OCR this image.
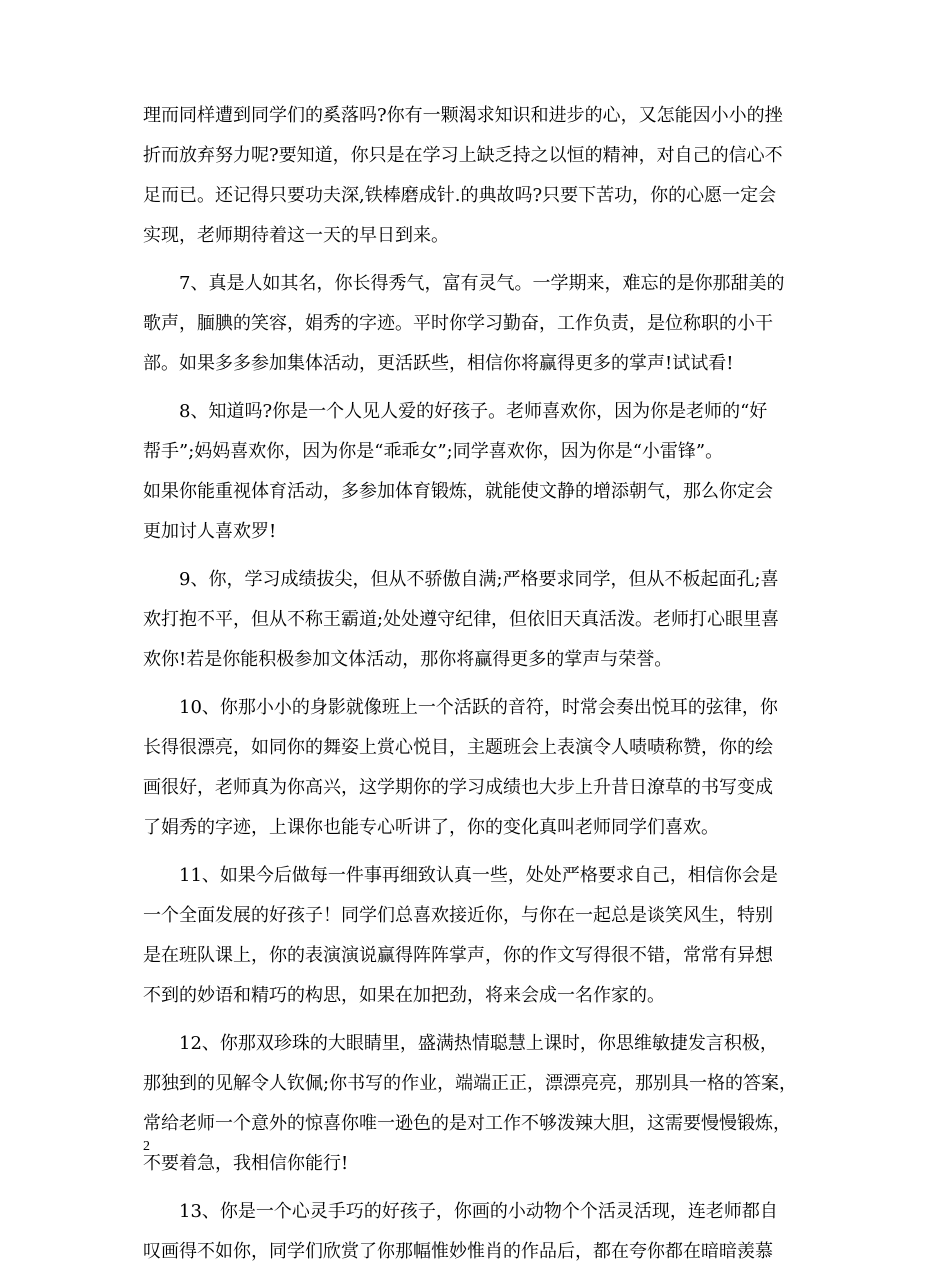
理而同样遭到同学们的奚落吗?你有一颗渴求知识和进步的心，又怎能因小小的挫
折而放弃努力呢?要知道，你只是在学习上缺乏持之以恒的精神，对自己的信心不
足而已。还记得只要功夫深,铁棒磨成针.的典故吗?只要下苦功，你的心愿一定会
实现，老师期待着这一天的早日到来。
7、真是人如其名，你长得秀气，富有灵气。一学期来，难忘的是你那甜美的
歌声，腼腆的笑容，娟秀的字迹。平时你学习勤奋，工作负责，是位称职的小干
部。如果多多参加集体活动，更活跃些，相信你将赢得更多的掌声!试试看!
8、知道吗?你是一个人见人爱的好孩子。老师喜欢你，因为你是老师的“好
帮手”;妈妈喜欢你，因为你是“乖乖女”;同学喜欢你，因为你是“小雷锋”。
如果你能重视体育活动，多参加体育锻炼，就能使文静的增添朝气，那么你定会
更加讨人喜欢罗!
9、你，学习成绩拔尖，但从不骄傲自满;严格要求同学，但从不板起面孔;喜
欢打抱不平，但从不称王霸道;处处遵守纪律，但依旧天真活泼。老师打心眼里喜
欢你!若是你能积极参加文体活动，那你将赢得更多的掌声与荣誉。
10、你那小小的身影就像班上一个活跃的音符，时常会奏出悦耳的弦律，你
长得很漂亮，如同你的舞姿上赏心悦目，主题班会上表演令人啧啧称赞，你的绘
画很好，老师真为你高兴，这学期你的学习成绩也大步上升昔日潦草的书写变成
了娟秀的字迹，上课你也能专心听讲了，你的变化真叫老师同学们喜欢。
11、如果今后做每一件事再细致认真一些，处处严格要求自己，相信你会是
一个全面发展的好孩子！同学们总喜欢接近你，与你在一起总是谈笑风生，特别
是在班队课上，你的表演演说赢得阵阵掌声，你的作文写得很不错，常常有异想
不到的妙语和精巧的构思，如果在加把劲，将来会成一名作家的。
12、你那双珍珠的大眼睛里，盛满热情聪慧上课时，你思维敏捷发言积极，
那独到的见解令人钦佩;你书写的作业，端端正正，漂漂亮亮，那别具一格的答案，
常给老师一个意外的惊喜你唯一逊色的是对工作不够泼辣大胆，这需要慢慢锻炼，
不要着急，我相信你能行!
13、你是一个心灵手巧的好孩子，你画的小动物个个活灵活现，连老师都自
叹画得不如你，同学们欣赏了你那幅惟妙惟肖的作品后，都在夸你都在暗暗羡慕
2
